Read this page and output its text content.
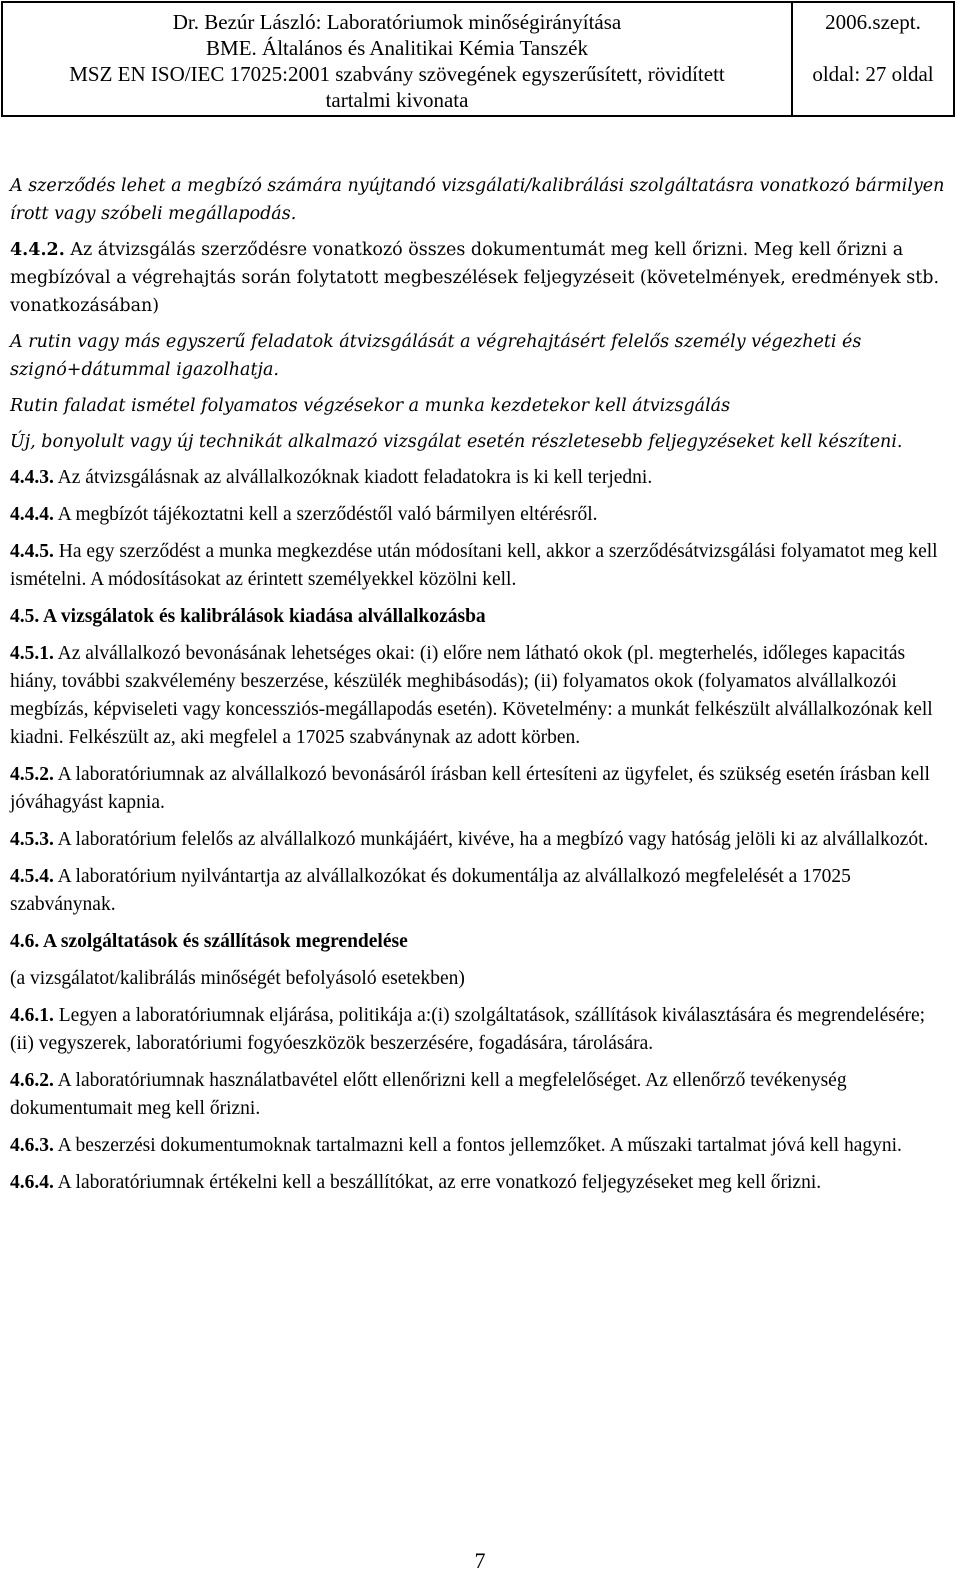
Dr. Bezúr László: Laboratóriumok minőségirányítása
BME. Általános és Analitikai Kémia Tanszék
MSZ EN ISO/IEC 17025:2001 szabvány szövegének egyszerűsített, rövidített
tartalmi kivonata
2006.szept.
oldal: 27 oldal

A szerződés lehet a megbízó számára nyújtandó vizsgálati/kalibrálási szolgáltatásra vonatkozó bármilyen írott vagy szóbeli megállapodás.

4.4.2. Az átvizsgálás szerződésre vonatkozó összes dokumentumát meg kell őrizni. Meg kell őrizni a megbízóval a végrehajtás során folytatott megbeszélések feljegyzéseit (követelmények, eredmények stb. vonatkozásában)

A rutin vagy más egyszerű feladatok átvizsgálását a végrehajtásért felelős személy végezheti és szignó+dátummal igazolhatja.

Rutin faladat ismétel folyamatos végzésekor a munka kezdetekor kell átvizsgálás

Új, bonyolult vagy új technikát alkalmazó vizsgálat esetén részletesebb feljegyzéseket kell készíteni.

4.4.3. Az átvizsgálásnak az alvállalkozóknak kiadott feladatokra is ki kell terjedni.

4.4.4. A megbízót tájékoztatni kell a szerződéstől való bármilyen eltérésről.

4.4.5. Ha egy szerződést a munka megkezdése után módosítani kell, akkor a szerződésátvizsgálási folyamatot meg kell ismételni. A módosításokat az érintett személyekkel közölni kell.

4.5. A vizsgálatok és kalibrálások kiadása alvállalkozásba

4.5.1. Az alvállalkozó bevonásának lehetséges okai: (i) előre nem látható okok (pl. megterhelés, időleges kapacitás hiány, további szakvélemény beszerzése, készülék meghibásodás); (ii) folyamatos okok (folyamatos alvállalkozói megbízás, képviseleti vagy koncessziós-megállapodás esetén). Követelmény: a munkát felkészült alvállalkozónak kell kiadni. Felkészült az, aki megfelel a 17025 szabványnak az adott körben.

4.5.2. A laboratóriumnak az alvállalkozó bevonásáról írásban kell értesíteni az ügyfelet, és szükség esetén írásban kell jóváhagyást kapnia.

4.5.3. A laboratórium felelős az alvállalkozó munkájáért, kivéve, ha a megbízó vagy hatóság jelöli ki az alvállalkozót.

4.5.4. A laboratórium nyilvántartja az alvállalkozókat és dokumentálja az alvállalkozó megfelelését a 17025 szabványnak.

4.6. A szolgáltatások és szállítások megrendelése

(a vizsgálatot/kalibrálás minőségét befolyásoló esetekben)

4.6.1. Legyen a laboratóriumnak eljárása, politikája a:(i) szolgáltatások, szállítások kiválasztására és megrendelésére; (ii) vegyszerek, laboratóriumi fogyóeszközök beszerzésére, fogadására, tárolására.

4.6.2. A laboratóriumnak használatbavétel előtt ellenőrizni kell a megfelelőséget. Az ellenőrző tevékenység dokumentumait meg kell őrizni.

4.6.3. A beszerzési dokumentumoknak tartalmazni kell a fontos jellemzőket. A műszaki tartalmat jóvá kell hagyni.

4.6.4. A laboratóriumnak értékelni kell a beszállítókat, az erre vonatkozó feljegyzéseket meg kell őrizni.

7
